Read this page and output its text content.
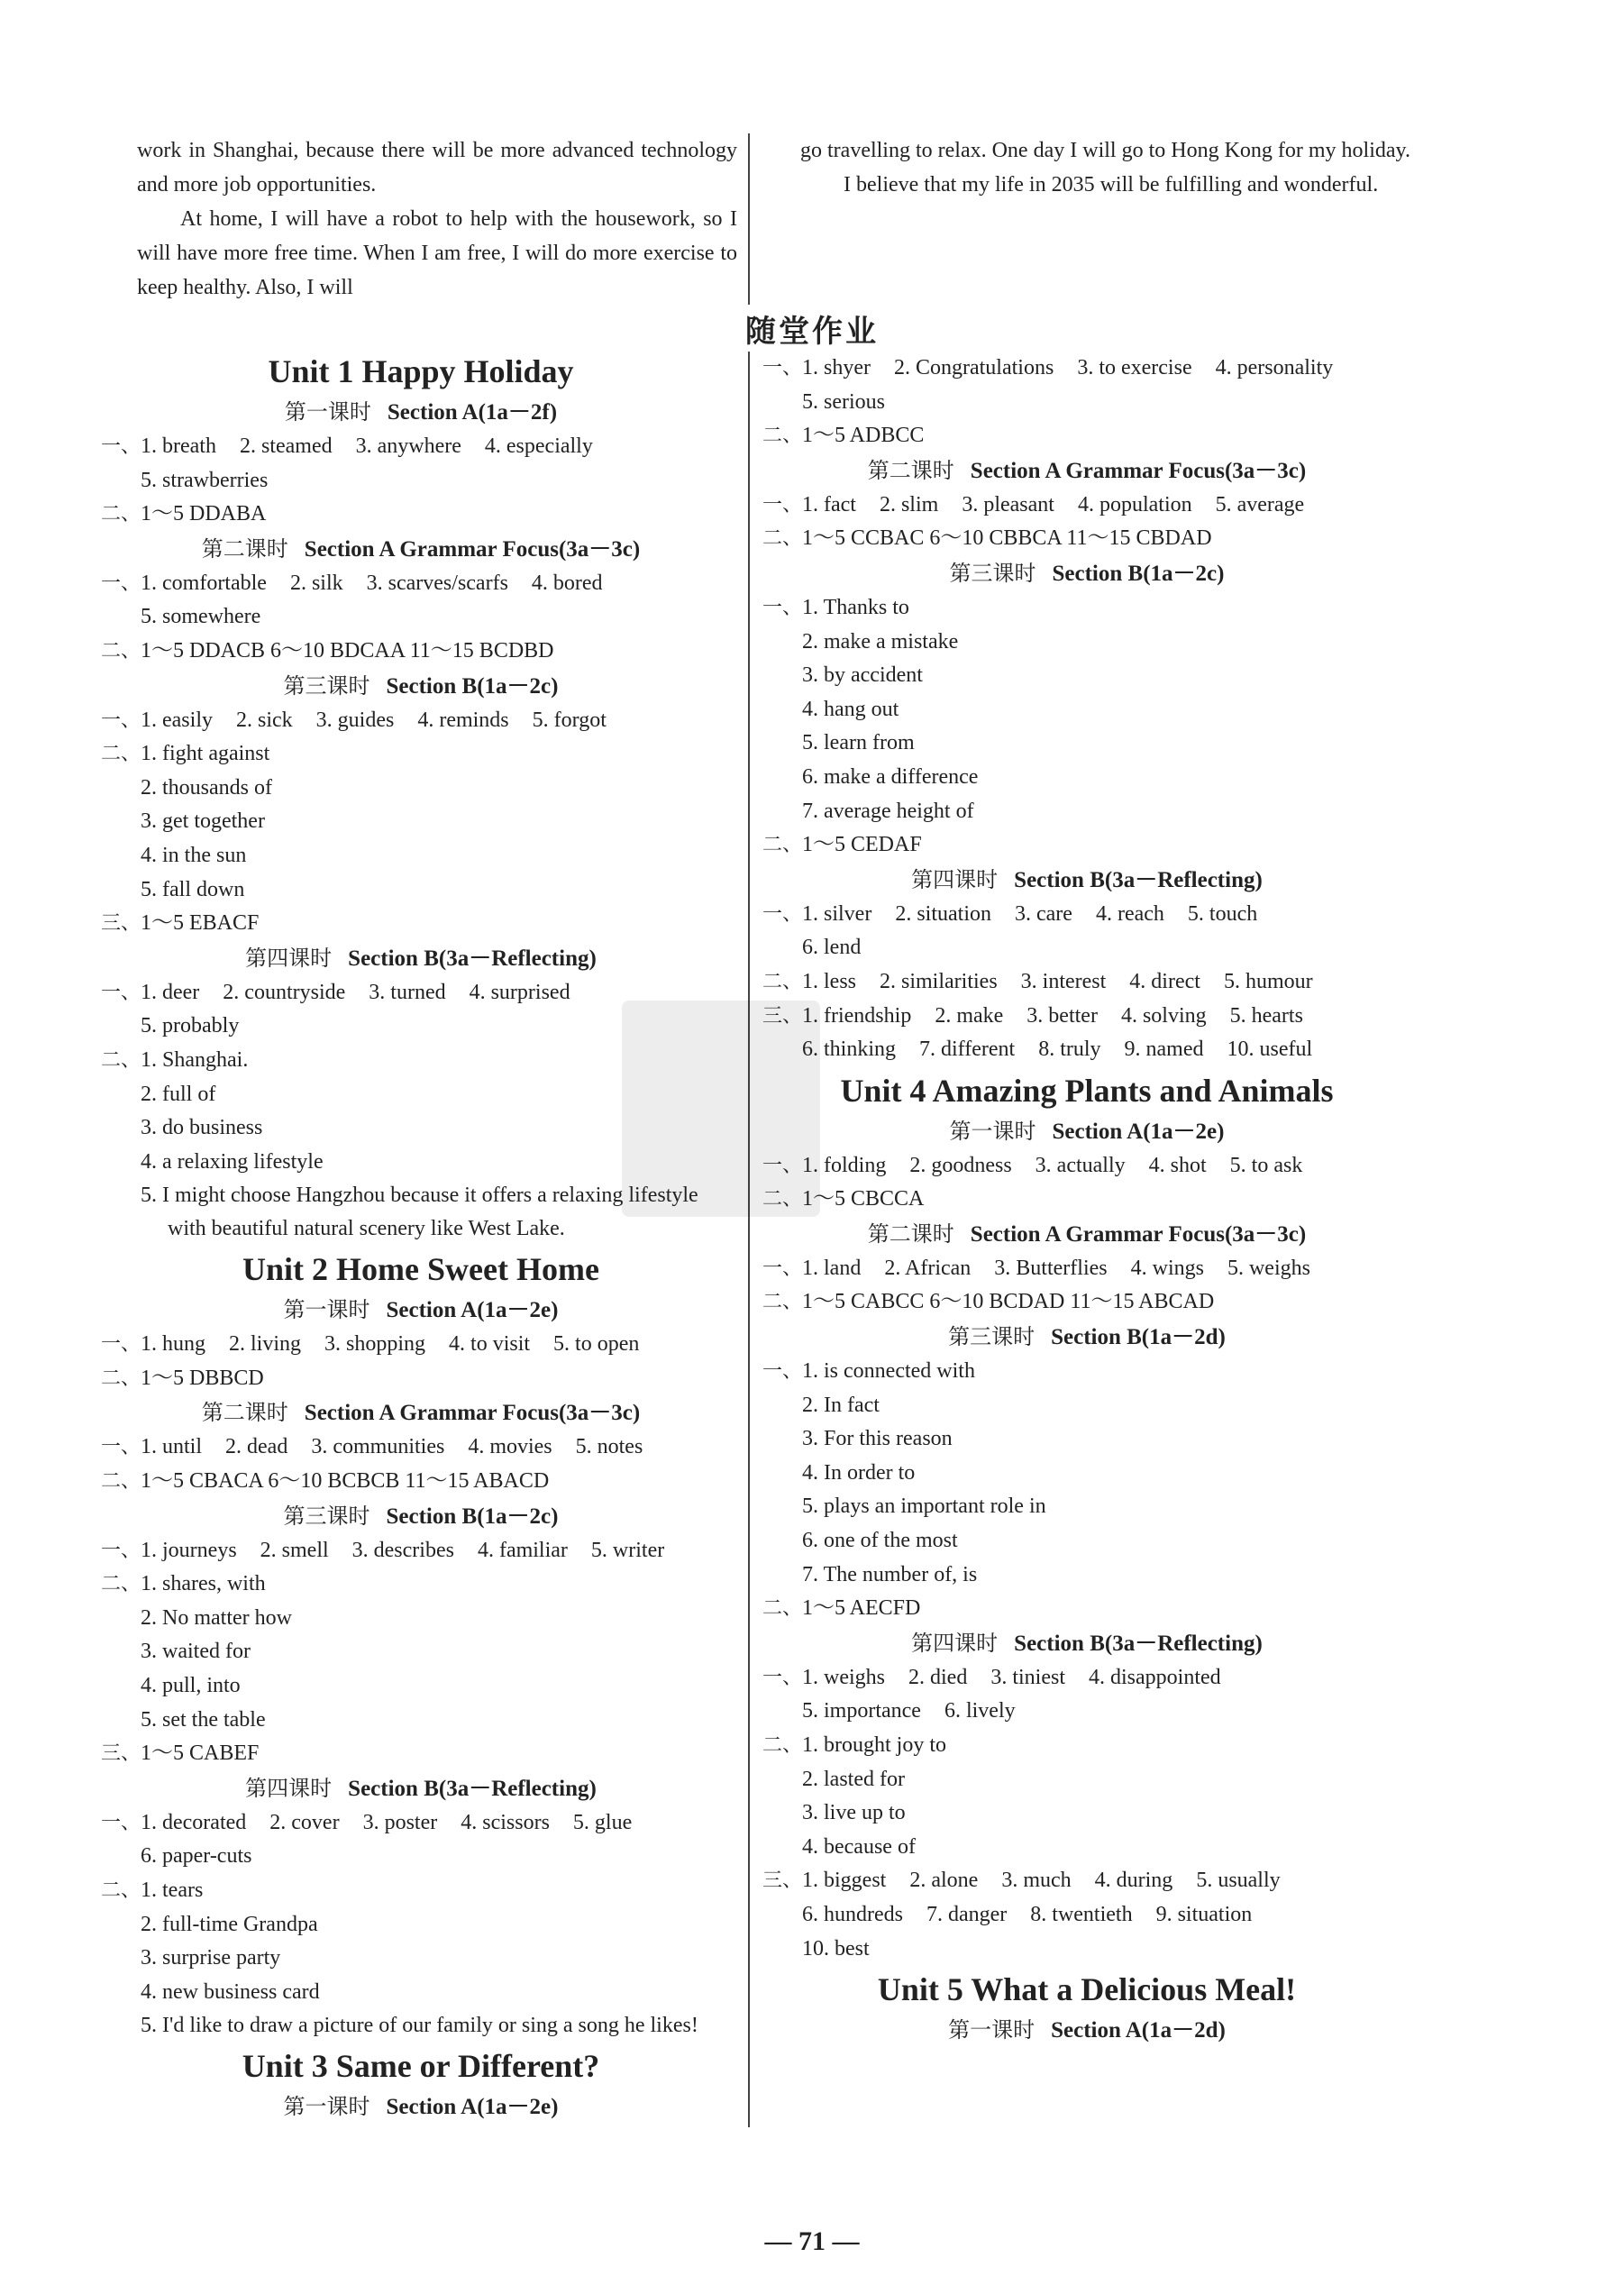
work in Shanghai, because there will be more advanced technology and more job opportunities.

At home, I will have a robot to help with the housework, so I will have more free time. When I am free, I will do more exercise to keep healthy. Also, I will

go travelling to relax. One day I will go to Hong Kong for my holiday.

I believe that my life in 2035 will be fulfilling and wonderful.

随堂作业

Unit 1 Happy Holiday

第一课时 Section A(1a－2f)

一、1. breath 2. steamed 3. anywhere 4. especially

5. strawberries

二、1～5 DDABA

第二课时 Section A Grammar Focus(3a－3c)

一、1. comfortable 2. silk 3. scarves/scarfs 4. bored

5. somewhere

二、1～5 DDACB 6～10 BDCAA 11～15 BCDBD

第三课时 Section B(1a－2c)

一、1. easily 2. sick 3. guides 4. reminds 5. forgot

二、1. fight against

2. thousands of

3. get together

4. in the sun

5. fall down

三、1～5 EBACF

第四课时 Section B(3a－Reflecting)

一、1. deer 2. countryside 3. turned 4. surprised

5. probably

二、1. Shanghai.

2. full of

3. do business

4. a relaxing lifestyle

5. I might choose Hangzhou because it offers a relaxing lifestyle with beautiful natural scenery like West Lake.

Unit 2 Home Sweet Home

第一课时 Section A(1a－2e)

一、1. hung 2. living 3. shopping 4. to visit 5. to open

二、1～5 DBBCD

第二课时 Section A Grammar Focus(3a－3c)

一、1. until 2. dead 3. communities 4. movies 5. notes

二、1～5 CBACA 6～10 BCBCB 11～15 ABACD

第三课时 Section B(1a－2c)

一、1. journeys 2. smell 3. describes 4. familiar 5. writer

二、1. shares, with

2. No matter how

3. waited for

4. pull, into

5. set the table

三、1～5 CABEF

第四课时 Section B(3a－Reflecting)

一、1. decorated 2. cover 3. poster 4. scissors 5. glue

6. paper-cuts

二、1. tears

2. full-time Grandpa

3. surprise party

4. new business card

5. I'd like to draw a picture of our family or sing a song he likes!

Unit 3 Same or Different?

第一课时 Section A(1a－2e)

一、1. shyer 2. Congratulations 3. to exercise 4. personality

5. serious

二、1～5 ADBCC

第二课时 Section A Grammar Focus(3a－3c)

一、1. fact 2. slim 3. pleasant 4. population 5. average

二、1～5 CCBAC 6～10 CBBCA 11～15 CBDAD

第三课时 Section B(1a－2c)

一、1. Thanks to

2. make a mistake

3. by accident

4. hang out

5. learn from

6. make a difference

7. average height of

二、1～5 CEDAF

第四课时 Section B(3a－Reflecting)

一、1. silver 2. situation 3. care 4. reach 5. touch

6. lend

二、1. less 2. similarities 3. interest 4. direct 5. humour

三、1. friendship 2. make 3. better 4. solving 5. hearts

6. thinking 7. different 8. truly 9. named 10. useful

Unit 4 Amazing Plants and Animals

第一课时 Section A(1a－2e)

一、1. folding 2. goodness 3. actually 4. shot 5. to ask

二、1～5 CBCCA

第二课时 Section A Grammar Focus(3a－3c)

一、1. land 2. African 3. Butterflies 4. wings 5. weighs

二、1～5 CABCC 6～10 BCDAD 11～15 ABCAD

第三课时 Section B(1a－2d)

一、1. is connected with

2. In fact

3. For this reason

4. In order to

5. plays an important role in

6. one of the most

7. The number of, is

二、1～5 AECFD

第四课时 Section B(3a－Reflecting)

一、1. weighs 2. died 3. tiniest 4. disappointed

5. importance 6. lively

二、1. brought joy to

2. lasted for

3. live up to

4. because of

三、1. biggest 2. alone 3. much 4. during 5. usually

6. hundreds 7. danger 8. twentieth 9. situation

10. best

Unit 5 What a Delicious Meal!

第一课时 Section A(1a－2d)

— 71 —
